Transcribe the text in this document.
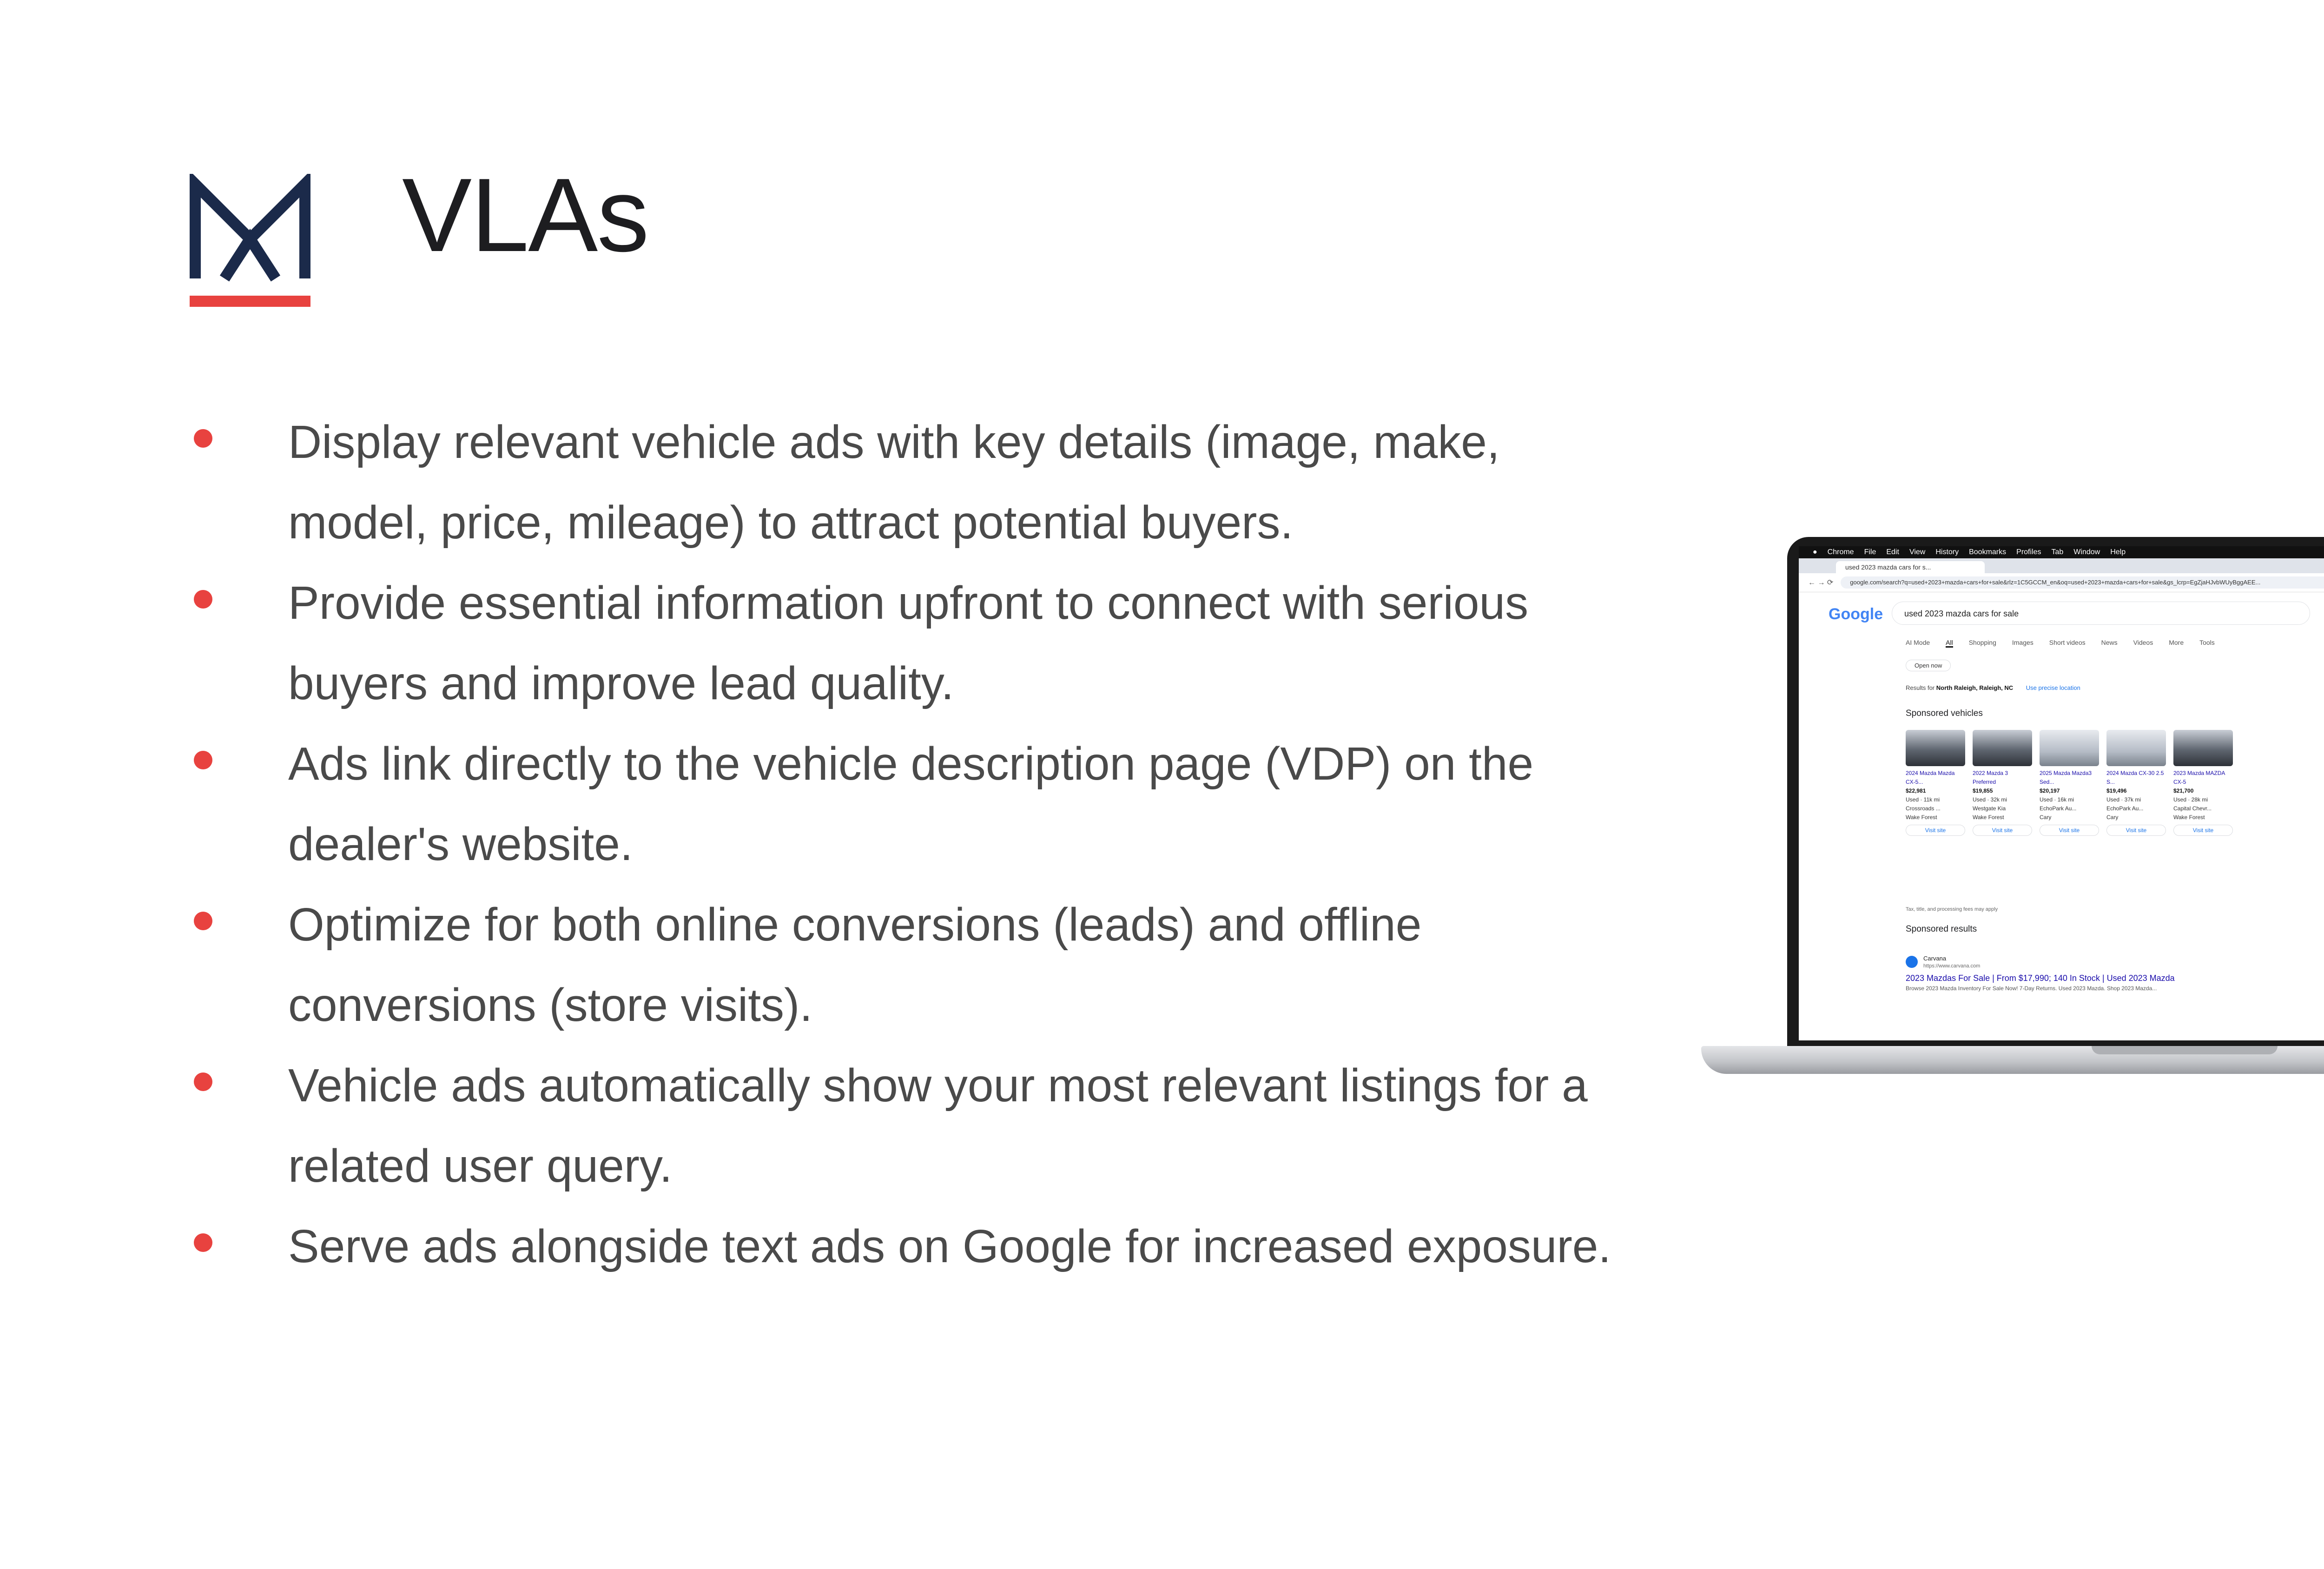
VLAs
Display relevant vehicle ads with key details (image, make, model, price, mileage) to attract potential buyers.
Provide essential information upfront to connect with serious buyers and improve lead quality.
Ads link directly to the vehicle description page (VDP) on the dealer's website.
Optimize for both online conversions (leads) and offline conversions (store visits).
Vehicle ads automatically show your most relevant listings for a related user query.
Serve ads alongside text ads on Google for increased exposure.
● Chrome File Edit View History Bookmarks Profiles Tab Window Help
used 2023 mazda cars for s...
← → ⟳	google.com/search?q=used+2023+mazda+cars+for+sale&rlz=1C5GCCM_en&oq=used+2023+mazda+cars+for+sale&gs_lcrp=EgZjaHJvbWUyBggAEE...
Google	used 2023 mazda cars for sale
AI Mode All Shopping Images Short videos News Videos More Tools
Open now
Results for North Raleigh, Raleigh, NC Use precise location
Sponsored vehicles
2024 Mazda Mazda CX-5...
$22,981
Used · 11k mi
Crossroads ...
Wake Forest
Visit site
2022 Mazda 3 Preferred
$19,855
Used · 32k mi
Westgate Kia
Wake Forest
Visit site
2025 Mazda Mazda3 Sed...
$20,197
Used · 16k mi
EchoPark Au...
Cary
Visit site
2024 Mazda CX-30 2.5 S...
$19,496
Used · 37k mi
EchoPark Au...
Cary
Visit site
2023 Mazda MAZDA CX-5
$21,700
Used · 28k mi
Capital Chevr...
Wake Forest
Visit site
Tax, title, and processing fees may apply
Sponsored results
Carvana
https://www.carvana.com
2023 Mazdas For Sale | From $17,990; 140 In Stock | Used 2023 Mazda
Browse 2023 Mazda Inventory For Sale Now! 7-Day Returns. Used 2023 Mazda. Shop 2023 Mazda...
